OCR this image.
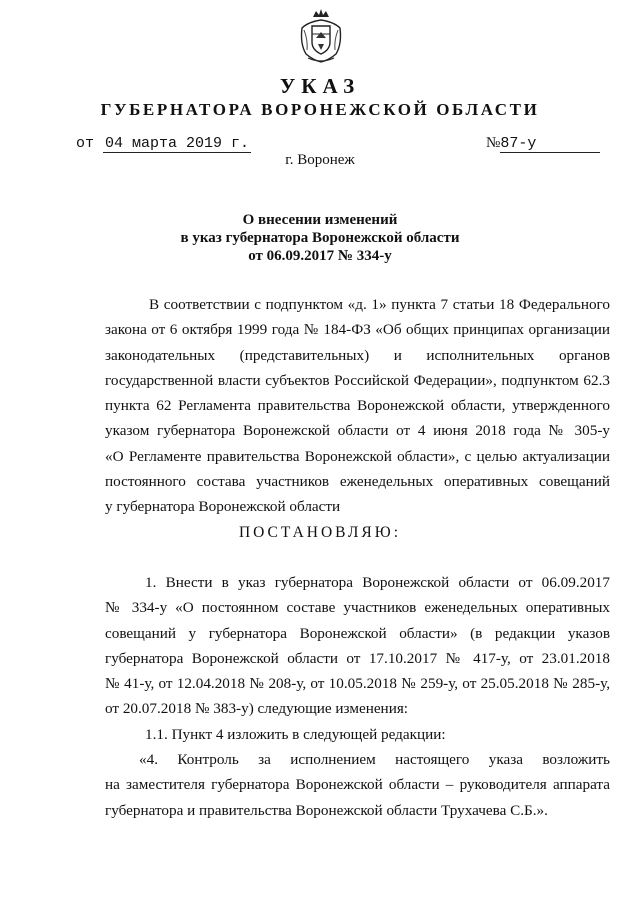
УКАЗ
ГУБЕРНАТОРА ВОРОНЕЖСКОЙ ОБЛАСТИ
от 04 марта 2019 г.	№87-у
г. Воронеж
О внесении изменений
в указ губернатора Воронежской области
от 06.09.2017 № 334-у
В соответствии с подпунктом «д. 1» пункта 7 статьи 18 Федерального
закона от 6 октября 1999 года № 184-ФЗ «Об общих принципах организации
законодательных (представительных) и исполнительных органов
государственной власти субъектов Российской Федерации», подпунктом 62.3
пункта 62 Регламента правительства Воронежской области, утвержденного
указом губернатора Воронежской области от 4 июня 2018 года № 305-у
«О Регламенте правительства Воронежской области», с целью актуализации
постоянного состава участников еженедельных оперативных совещаний
у губернатора Воронежской области
ПОСТАНОВЛЯЮ:
1. Внести в указ губернатора Воронежской области от 06.09.2017
№ 334-у «О постоянном составе участников еженедельных оперативных
совещаний у губернатора Воронежской области» (в редакции указов
губернатора Воронежской области от 17.10.2017 № 417-у, от 23.01.2018
№ 41-у, от 12.04.2018 № 208-у, от 10.05.2018 № 259-у, от 25.05.2018 № 285-у,
от 20.07.2018 № 383-у) следующие изменения:
1.1. Пункт 4 изложить в следующей редакции:
«4. Контроль за исполнением настоящего указа возложить
на заместителя губернатора Воронежской области – руководителя аппарата
губернатора и правительства Воронежской области Трухачева С.Б.».
